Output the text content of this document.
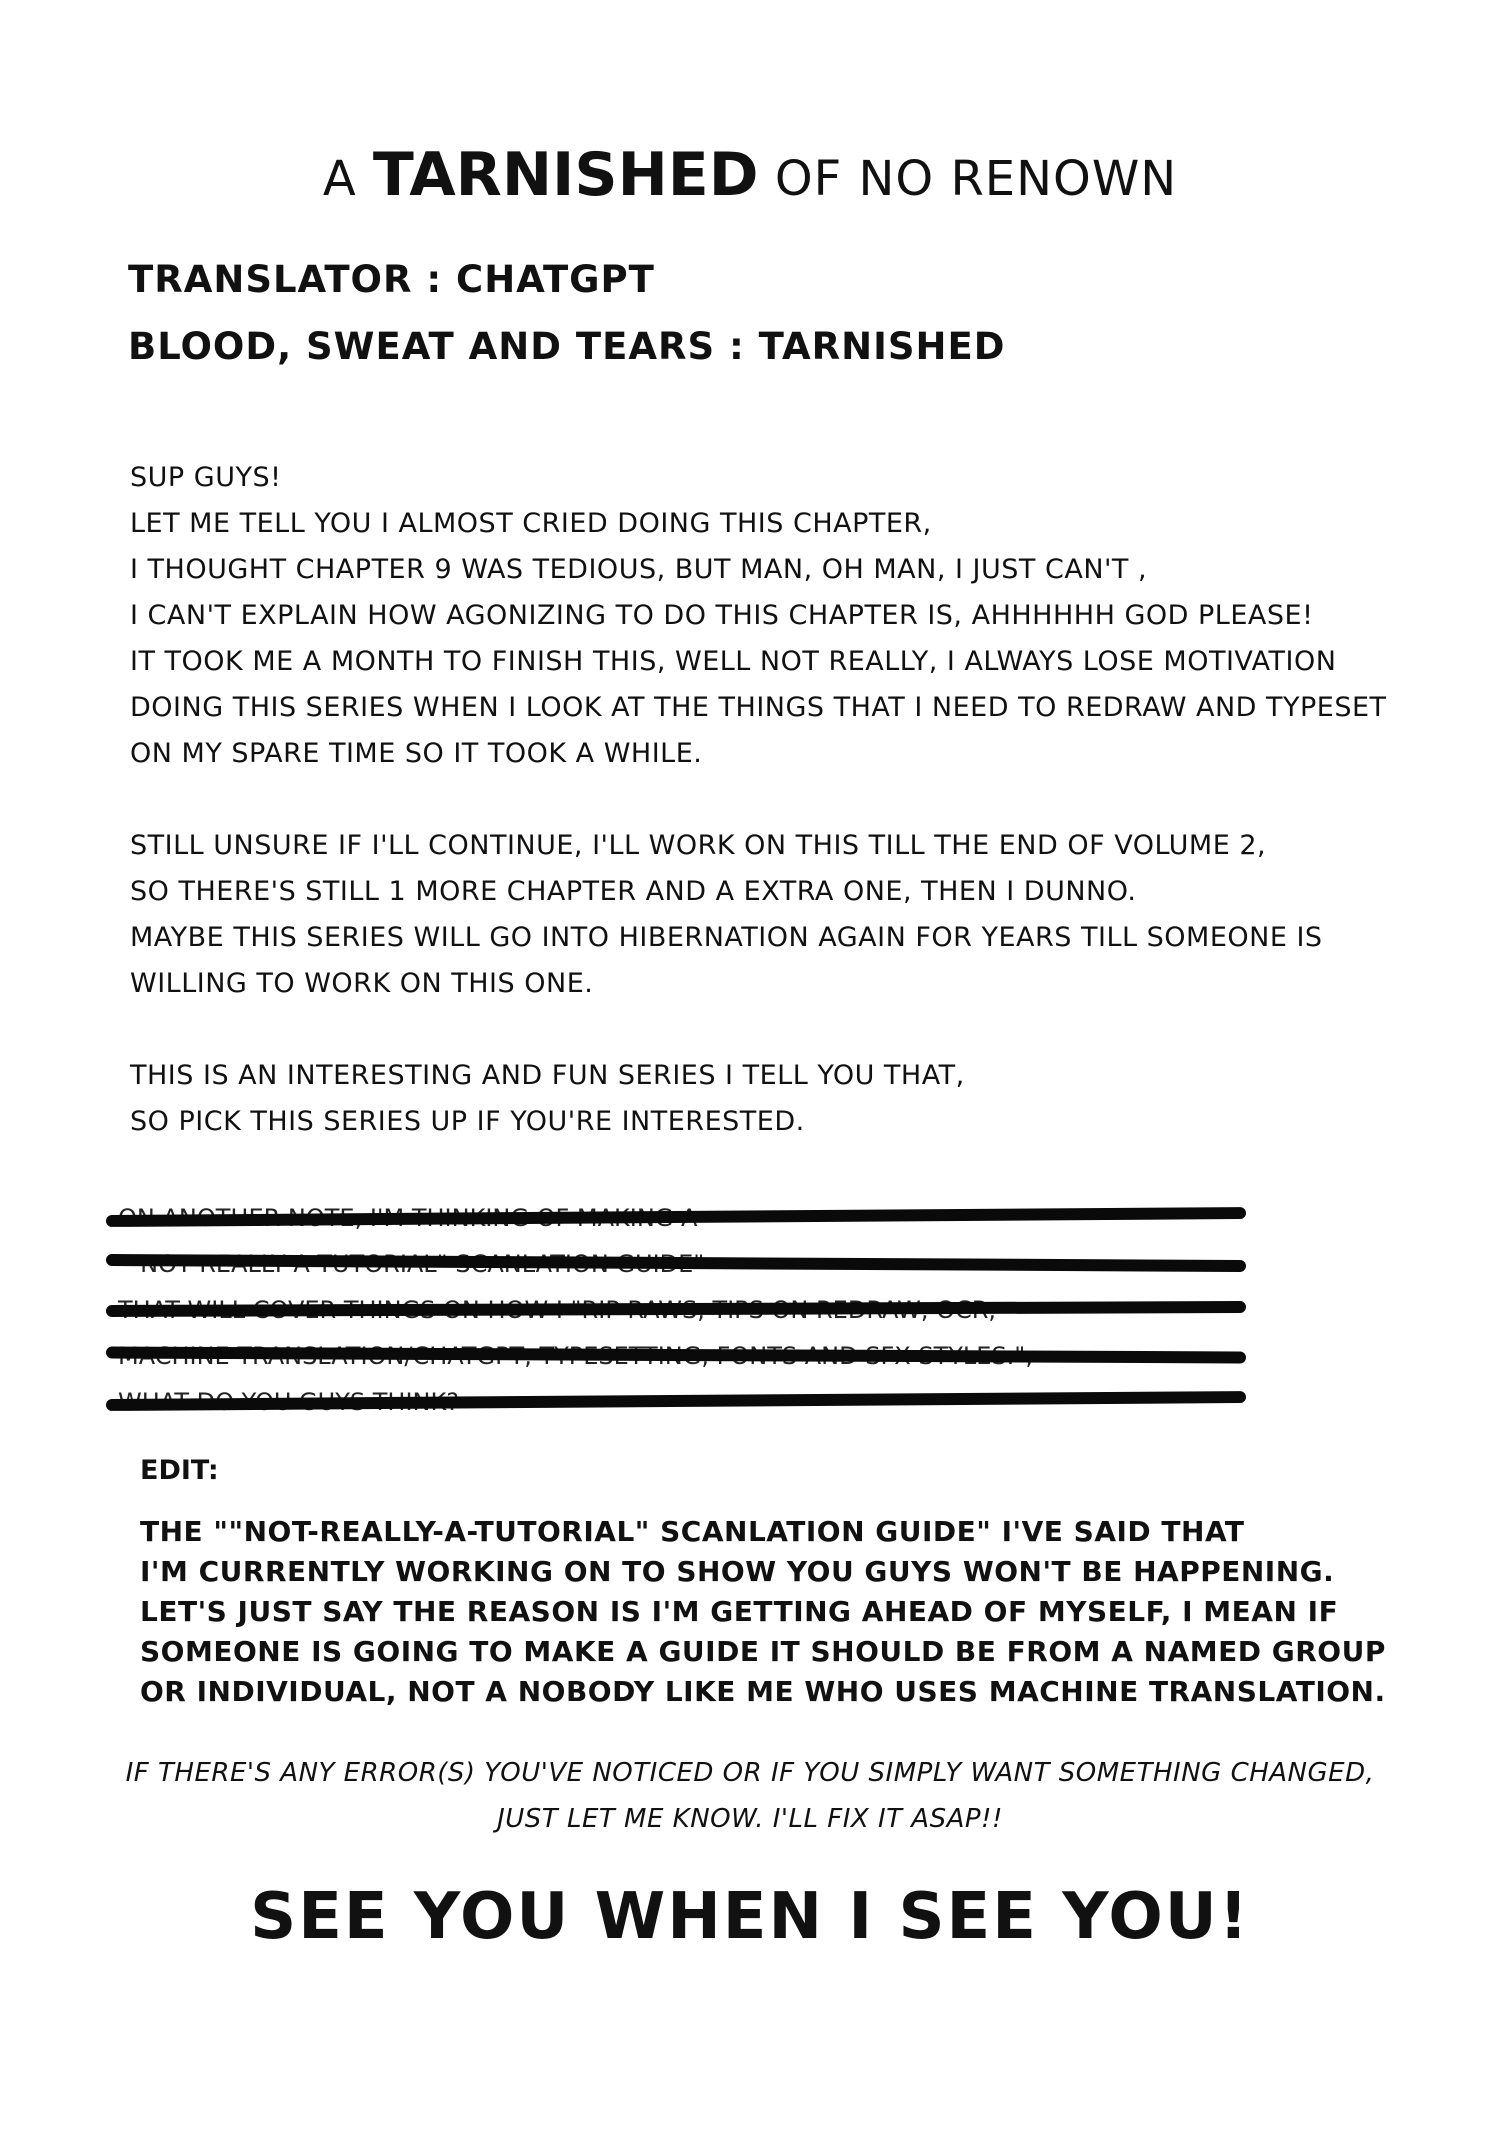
A TARNISHED OF NO RENOWN
TRANSLATOR : CHATGPT
BLOOD, SWEAT AND TEARS : TARNISHED
SUP GUYS!
LET ME TELL YOU I ALMOST CRIED DOING THIS CHAPTER,
I THOUGHT CHAPTER 9 WAS TEDIOUS, BUT MAN, OH MAN, I JUST CAN'T ,
I CAN'T EXPLAIN HOW AGONIZING TO DO THIS CHAPTER IS, AHHHHHH GOD PLEASE!
IT TOOK ME A MONTH TO FINISH THIS, WELL NOT REALLY, I ALWAYS LOSE MOTIVATION
DOING THIS SERIES WHEN I LOOK AT THE THINGS THAT I NEED TO REDRAW AND TYPESET
ON MY SPARE TIME SO IT TOOK A WHILE.
STILL UNSURE IF I'LL CONTINUE, I'LL WORK ON THIS TILL THE END OF VOLUME 2,
SO THERE'S STILL 1 MORE CHAPTER AND A EXTRA ONE, THEN I DUNNO.
MAYBE THIS SERIES WILL GO INTO HIBERNATION AGAIN FOR YEARS TILL SOMEONE IS
WILLING TO WORK ON THIS ONE.
THIS IS AN INTERESTING AND FUN SERIES I TELL YOU THAT,
SO PICK THIS SERIES UP IF YOU'RE INTERESTED.
EDIT:
THE ""NOT-REALLY-A-TUTORIAL" SCANLATION GUIDE" I'VE SAID THAT
I'M CURRENTLY WORKING ON TO SHOW YOU GUYS WON'T BE HAPPENING.
LET'S JUST SAY THE REASON IS I'M GETTING AHEAD OF MYSELF, I MEAN IF
SOMEONE IS GOING TO MAKE A GUIDE IT SHOULD BE FROM A NAMED GROUP
OR INDIVIDUAL, NOT A NOBODY LIKE ME WHO USES MACHINE TRANSLATION.
IF THERE'S ANY ERROR(S) YOU'VE NOTICED OR IF YOU SIMPLY WANT SOMETHING CHANGED,
JUST LET ME KNOW. I'LL FIX IT ASAP!!
SEE YOU WHEN I SEE YOU!
